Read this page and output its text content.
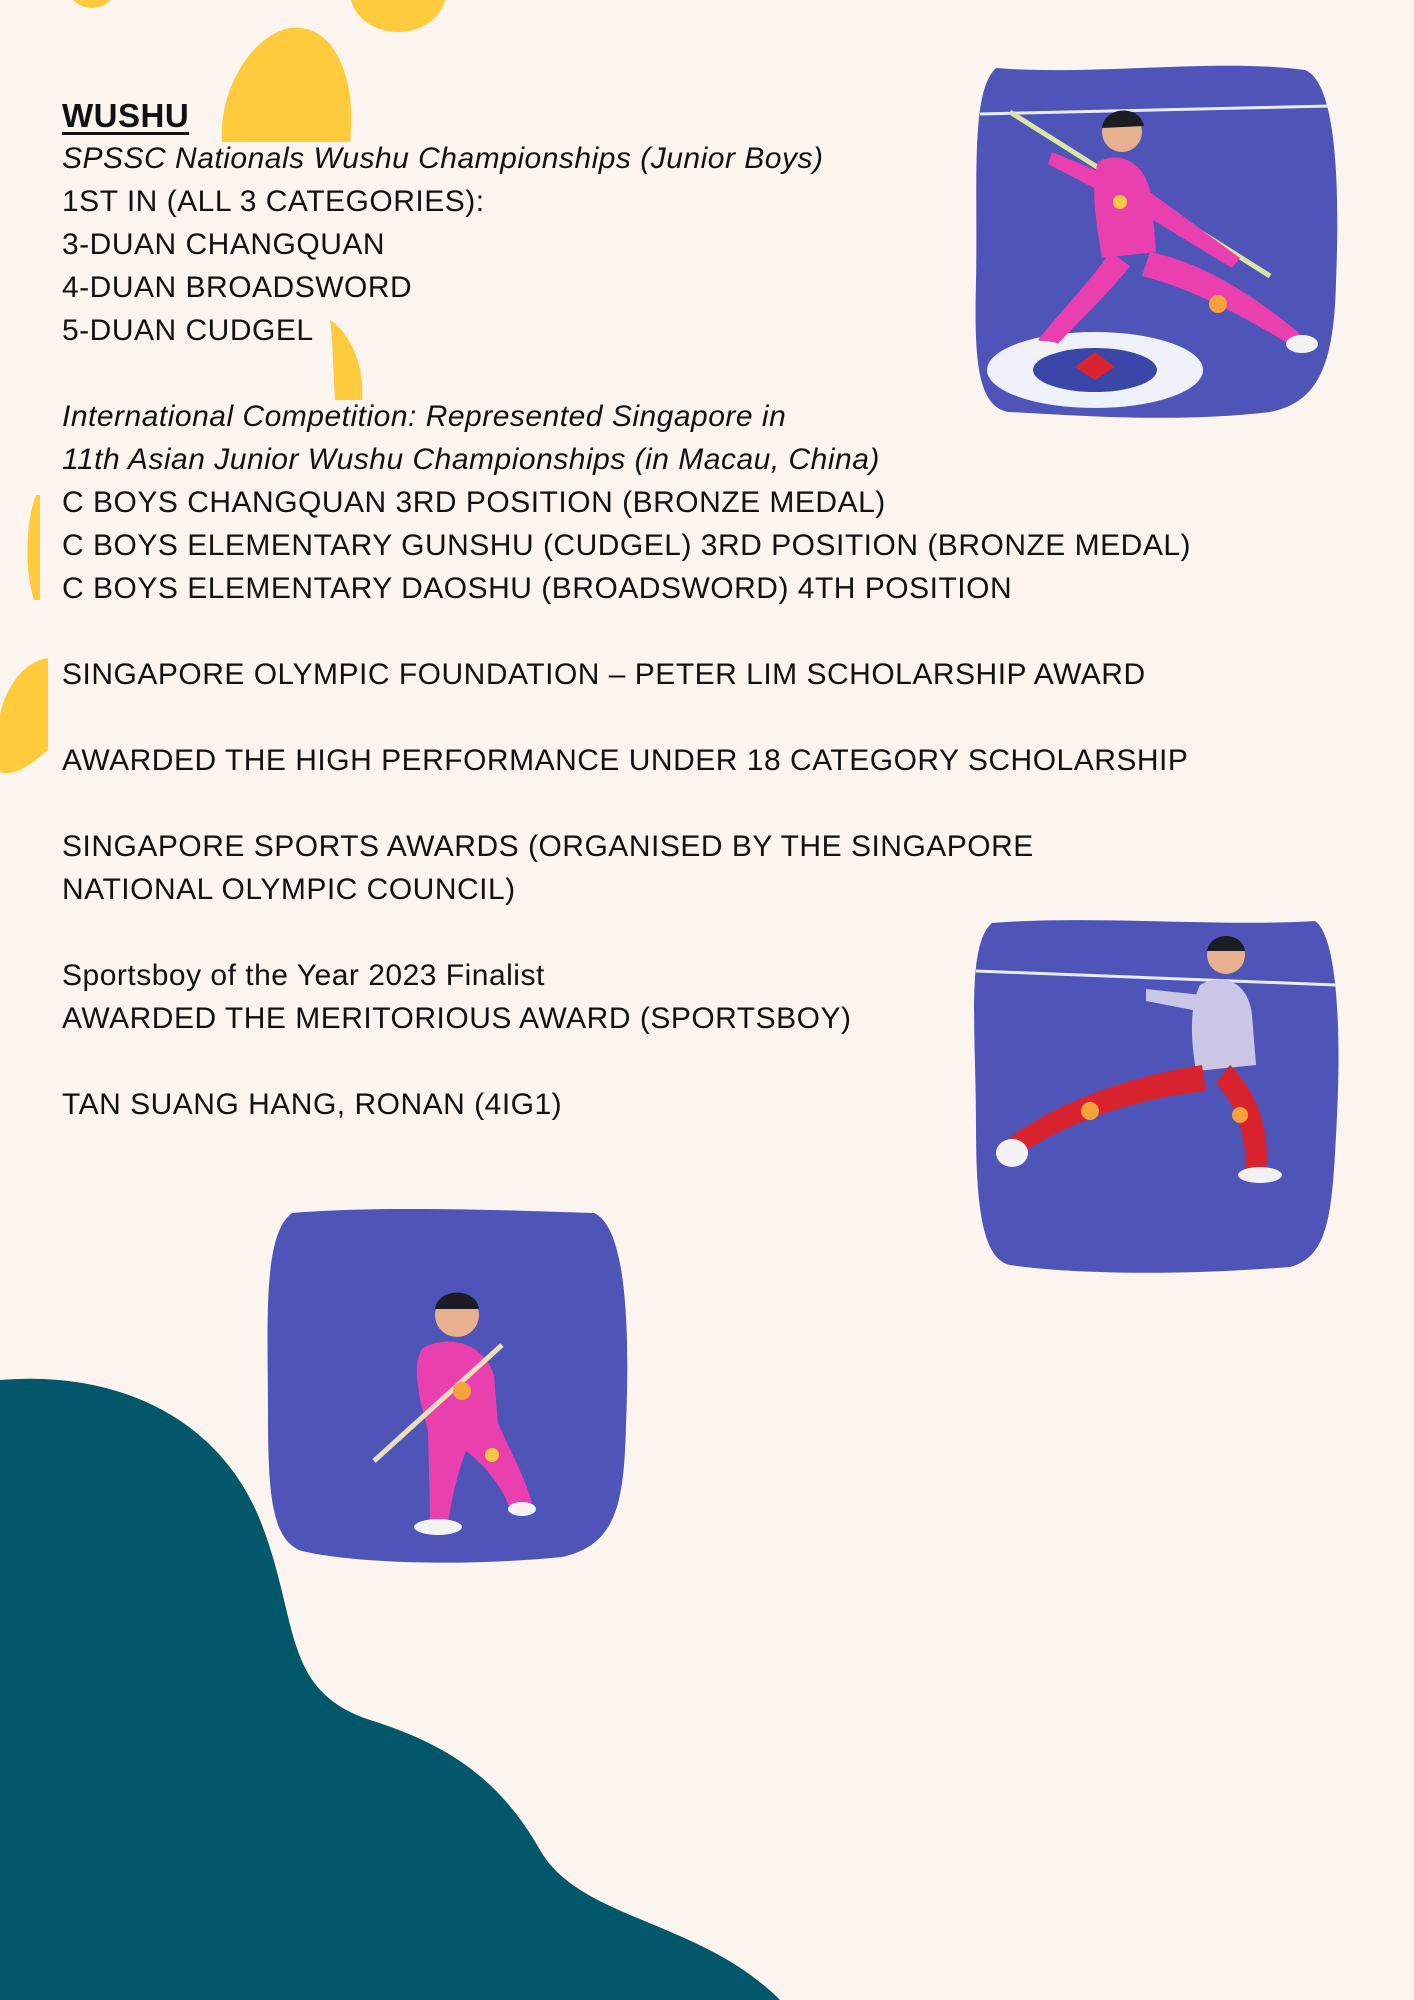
WUSHU
SPSSC Nationals Wushu Championships (Junior Boys)
1ST IN (ALL 3 CATEGORIES):
3-DUAN CHANGQUAN
4-DUAN BROADSWORD
5-DUAN CUDGEL
International Competition: Represented Singapore in
11th Asian Junior Wushu Championships (in Macau, China)
C BOYS CHANGQUAN 3RD POSITION (BRONZE MEDAL)
C BOYS ELEMENTARY GUNSHU (CUDGEL) 3RD POSITION (BRONZE MEDAL)
C BOYS ELEMENTARY DAOSHU (BROADSWORD) 4TH POSITION
SINGAPORE OLYMPIC FOUNDATION – PETER LIM SCHOLARSHIP AWARD
AWARDED THE HIGH PERFORMANCE UNDER 18 CATEGORY SCHOLARSHIP
SINGAPORE SPORTS AWARDS (ORGANISED BY THE SINGAPORE
NATIONAL OLYMPIC COUNCIL)
Sportsboy of the Year 2023 Finalist
AWARDED THE MERITORIOUS AWARD (SPORTSBOY)
TAN SUANG HANG, RONAN (4IG1)
